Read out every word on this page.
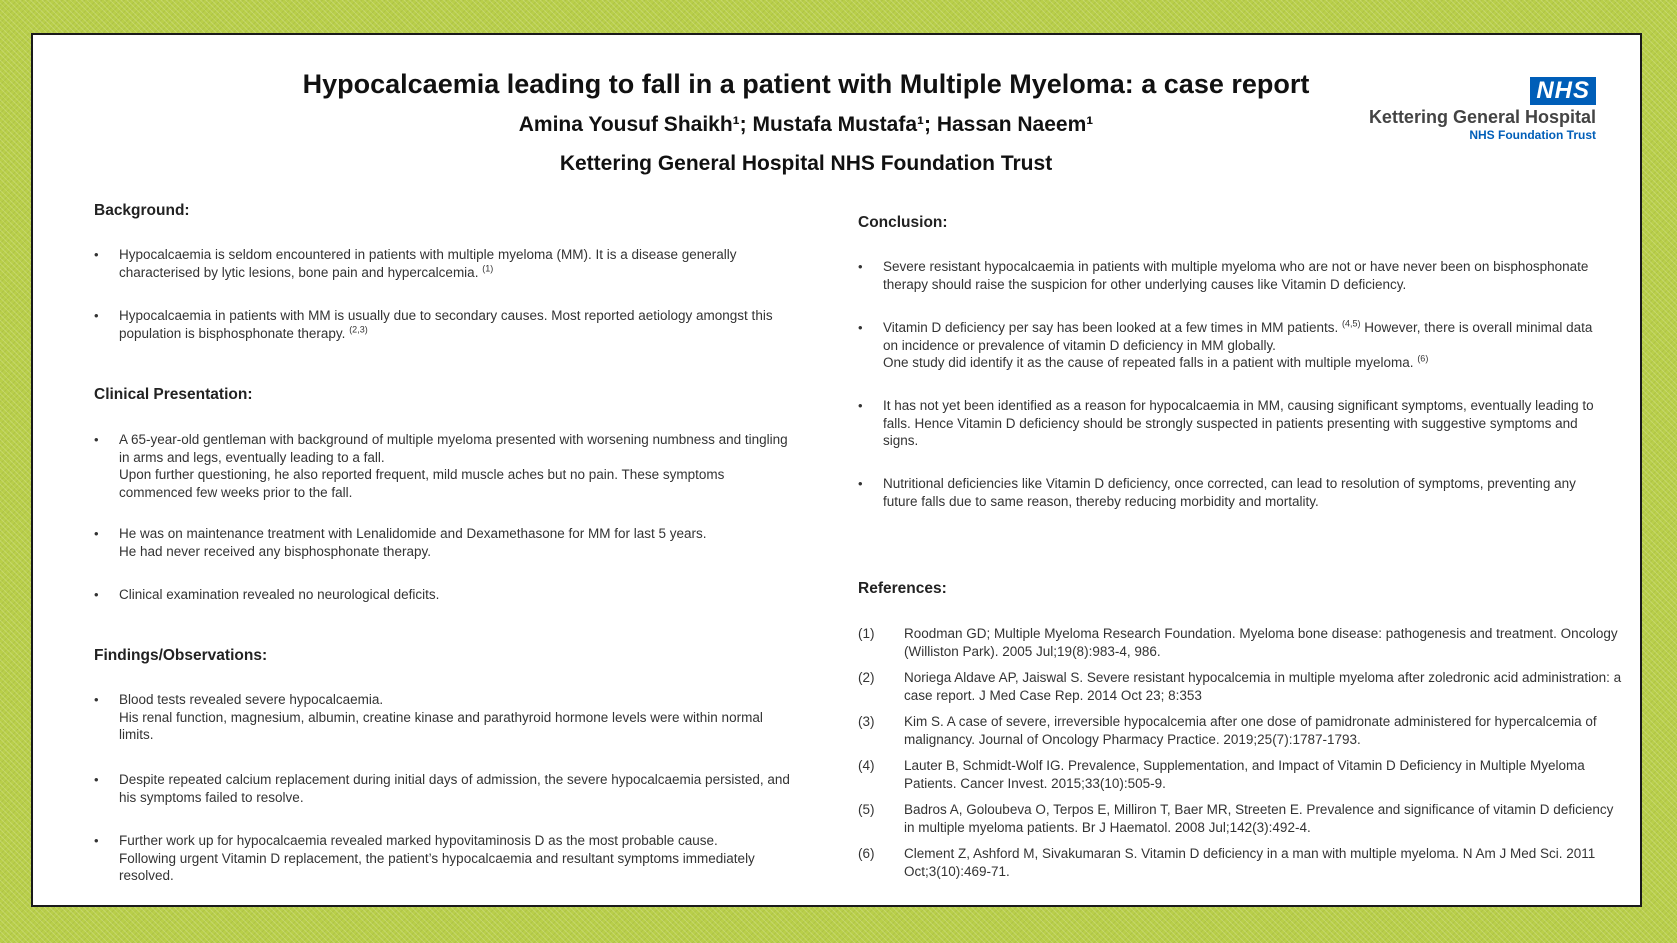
Hypocalcaemia leading to fall in a patient with Multiple Myeloma: a case report
Amina Yousuf Shaikh¹; Mustafa Mustafa¹; Hassan Naeem¹
Kettering General Hospital NHS Foundation Trust
NHS
Kettering General Hospital
NHS Foundation Trust
Background:
• Hypocalcaemia is seldom encountered in patients with multiple myeloma (MM). It is a disease generally characterised by lytic lesions, bone pain and hypercalcemia. $^{(1)}$
• Hypocalcaemia in patients with MM is usually due to secondary causes. Most reported aetiology amongst this population is bisphosphonate therapy. $^{(2,3)}$
Clinical Presentation:

• A 65-year-old gentleman with background of multiple myeloma presented with worsening numbness and tingling in arms and legs, eventually leading to a fall.

Upon further questioning, he also reported frequent, mild muscle aches but no pain. These symptoms commenced few weeks prior to the fall.

• He was on maintenance treatment with Lenalidomide and Dexamethasone for MM for last 5 years.

He had never received any bisphosphonate therapy.

• Clinical examination revealed no neurological deficits.

Findings/Observations:

• Blood tests revealed severe hypocalcaemia.

His renal function, magnesium, albumin, creatine kinase and parathyroid hormone levels were within normal limits.

• Despite repeated calcium replacement during initial days of admission, the severe hypocalcaemia persisted, and his symptoms failed to resolve.

• Further work up for hypocalcaemia revealed marked hypovitaminosis D as the most probable cause.

Following urgent Vitamin D replacement, the patient’s hypocalcaemia and resultant symptoms immediately resolved.

Conclusion:

• Severe resistant hypocalcaemia in patients with multiple myeloma who are not or have never been on bisphosphonate therapy should raise the suspicion for other underlying causes like Vitamin D deficiency.

• Vitamin D deficiency per say has been looked at a few times in MM patients. $^{(4,5)}$ However, there is overall minimal data on incidence or prevalence of vitamin D deficiency in MM globally.

One study did identify it as the cause of repeated falls in a patient with multiple myeloma. $^{(6)}$

• It has not yet been identified as a reason for hypocalcaemia in MM, causing significant symptoms, eventually leading to falls. Hence Vitamin D deficiency should be strongly suspected in patients presenting with suggestive symptoms and signs.

• Nutritional deficiencies like Vitamin D deficiency, once corrected, can lead to resolution of symptoms, preventing any future falls due to same reason, thereby reducing morbidity and mortality.

References:
(1) Roodman GD; Multiple Myeloma Research Foundation. Myeloma bone disease: pathogenesis and treatment. Oncology (Williston Park). 2005 Jul;19(8):983-4, 986.
(2) Noriega Aldave AP, Jaiswal S. Severe resistant hypocalcemia in multiple myeloma after zoledronic acid administration: a case report. J Med Case Rep. 2014 Oct 23; 8:353
(3) Kim S. A case of severe, irreversible hypocalcemia after one dose of pamidronate administered for hypercalcemia of malignancy. Journal of Oncology Pharmacy Practice. 2019;25(7):1787-1793.
(4) Lauter B, Schmidt-Wolf IG. Prevalence, Supplementation, and Impact of Vitamin D Deficiency in Multiple Myeloma Patients. Cancer Invest. 2015;33(10):505-9.
(5) Badros A, Goloubeva O, Terpos E, Milliron T, Baer MR, Streeten E. Prevalence and significance of vitamin D deficiency in multiple myeloma patients. Br J Haematol. 2008 Jul;142(3):492-4.
(6) Clement Z, Ashford M, Sivakumaran S. Vitamin D deficiency in a man with multiple myeloma. N Am J Med Sci. 2011 Oct;3(10):469-71.
